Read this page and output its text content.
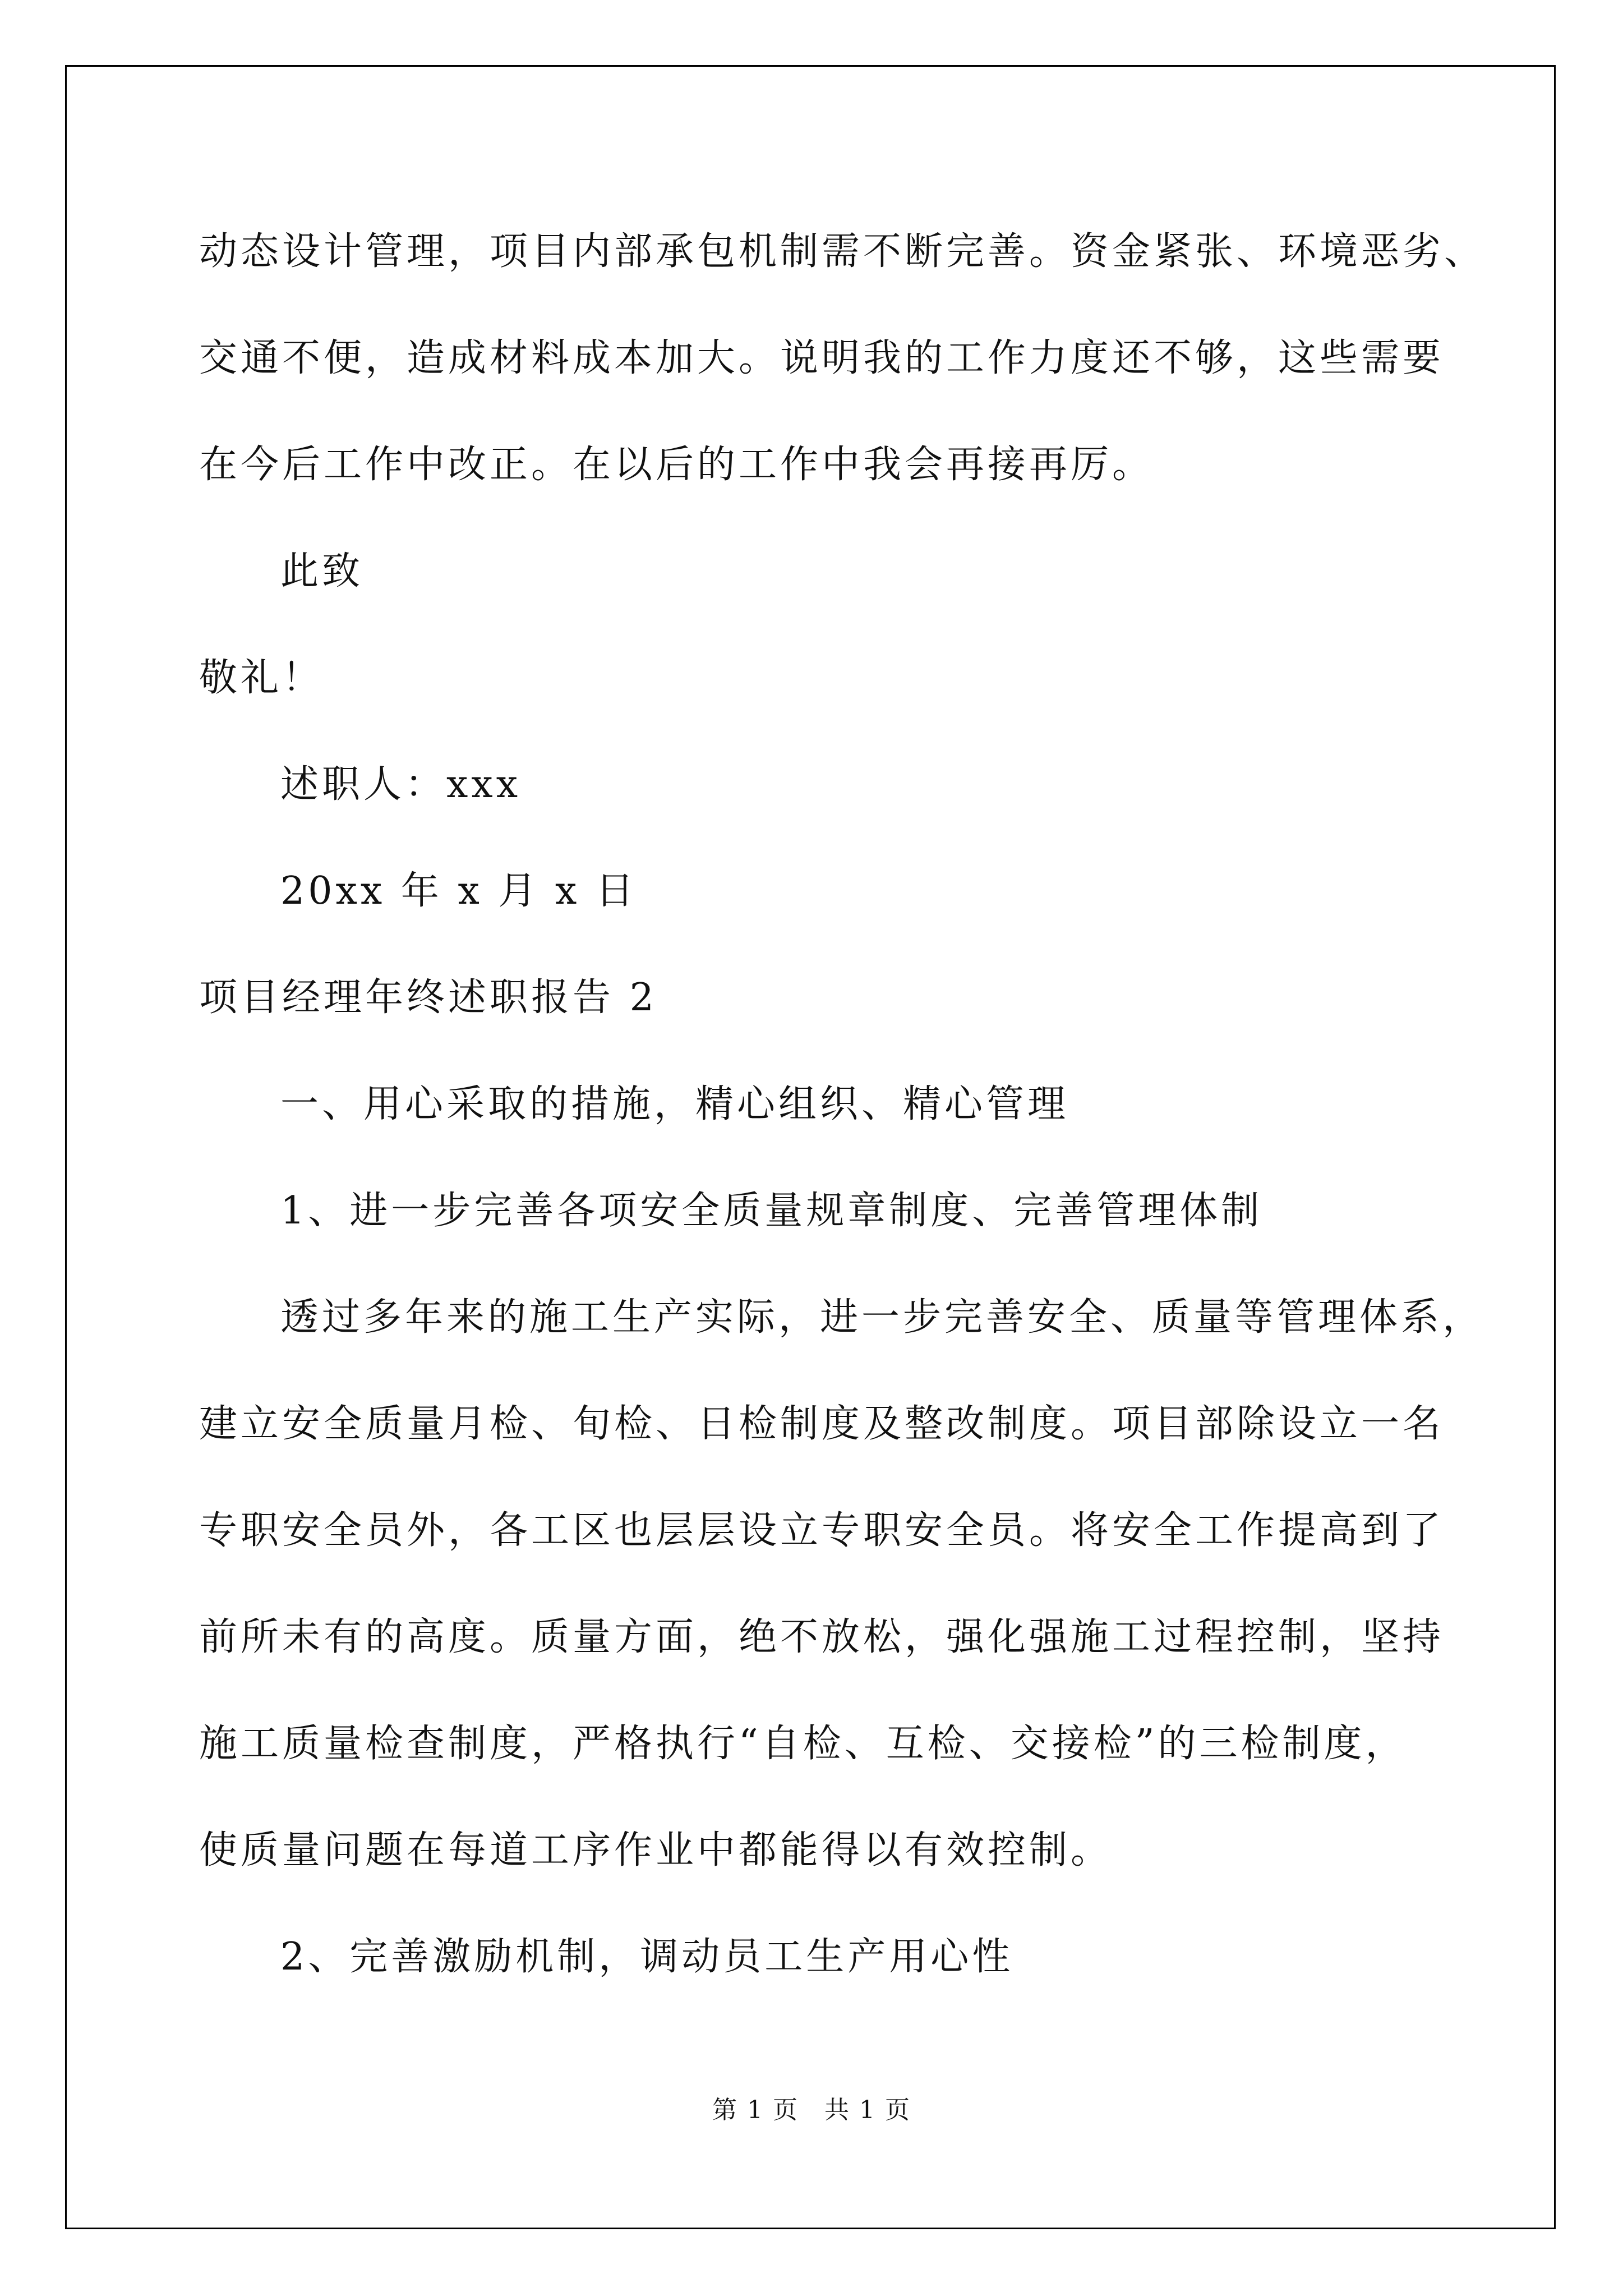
动态设计管理，项目内部承包机制需不断完善。资金紧张、环境恶劣、
交通不便，造成材料成本加大。说明我的工作力度还不够，这些需要
在今后工作中改正。在以后的工作中我会再接再厉。
此致
敬礼！
述职人：xxx
20xx 年 x 月 x 日
项目经理年终述职报告 2
一、用心采取的措施，精心组织、精心管理
1、进一步完善各项安全质量规章制度、完善管理体制
透过多年来的施工生产实际，进一步完善安全、质量等管理体系，
建立安全质量月检、旬检、日检制度及整改制度。项目部除设立一名
专职安全员外，各工区也层层设立专职安全员。将安全工作提高到了
前所未有的高度。质量方面，绝不放松，强化强施工过程控制，坚持
施工质量检查制度，严格执行“自检、互检、交接检”的三检制度，
使质量问题在每道工序作业中都能得以有效控制。
2、完善激励机制，调动员工生产用心性
第 1 页　共 1 页
